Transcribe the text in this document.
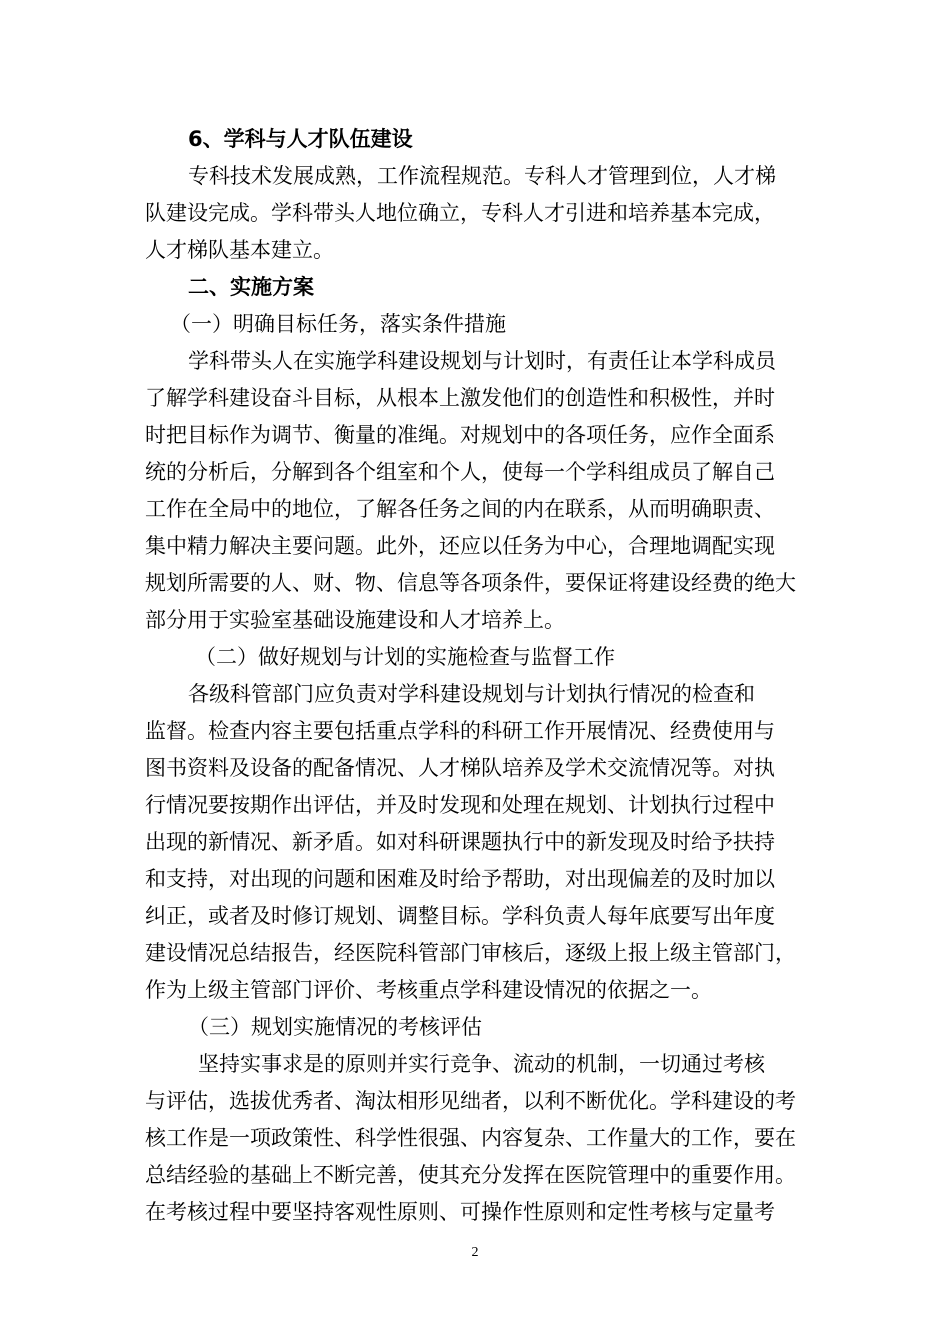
6、学科与人才队伍建设
专科技术发展成熟，工作流程规范。专科人才管理到位，人才梯
队建设完成。学科带头人地位确立，专科人才引进和培养基本完成，
人才梯队基本建立。
二、实施方案
（一）明确目标任务，落实条件措施
学科带头人在实施学科建设规划与计划时，有责任让本学科成员
了解学科建设奋斗目标，从根本上激发他们的创造性和积极性，并时
时把目标作为调节、衡量的准绳。对规划中的各项任务，应作全面系
统的分析后，分解到各个组室和个人，使每一个学科组成员了解自己
工作在全局中的地位，了解各任务之间的内在联系，从而明确职责、
集中精力解决主要问题。此外，还应以任务为中心，合理地调配实现
规划所需要的人、财、物、信息等各项条件，要保证将建设经费的绝大
部分用于实验室基础设施建设和人才培养上。
（二）做好规划与计划的实施检查与监督工作
各级科管部门应负责对学科建设规划与计划执行情况的检查和
监督。检查内容主要包括重点学科的科研工作开展情况、经费使用与
图书资料及设备的配备情况、人才梯队培养及学术交流情况等。对执
行情况要按期作出评估，并及时发现和处理在规划、计划执行过程中
出现的新情况、新矛盾。如对科研课题执行中的新发现及时给予扶持
和支持，对出现的问题和困难及时给予帮助，对出现偏差的及时加以
纠正，或者及时修订规划、调整目标。学科负责人每年底要写出年度
建设情况总结报告，经医院科管部门审核后，逐级上报上级主管部门，
作为上级主管部门评价、考核重点学科建设情况的依据之一。
（三）规划实施情况的考核评估
坚持实事求是的原则并实行竞争、流动的机制，一切通过考核
与评估，选拔优秀者、淘汰相形见绌者，以利不断优化。学科建设的考
核工作是一项政策性、科学性很强、内容复杂、工作量大的工作，要在
总结经验的基础上不断完善，使其充分发挥在医院管理中的重要作用。
在考核过程中要坚持客观性原则、可操作性原则和定性考核与定量考
2
